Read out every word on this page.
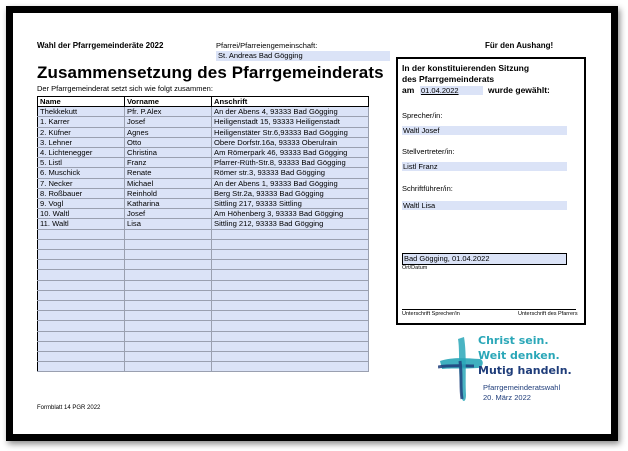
Wahl der Pfarrgemeinderäte 2022	Pfarrei/Pfarreiengemeinschaft:
St. Andreas Bad Gögging
Für den Aushang!
Zusammensetzung des Pfarrgemeinderats
Der Pfarrgemeinderat setzt sich wie folgt zusammen:
Name	Vorname	Anschrift
Thekkekutt	Pfr. P.Alex	An der Abens 4, 93333 Bad Gögging
1. Karrer	Josef	Heiligenstadt 15, 93333 Heiligenstadt
2. Küfner	Agnes	Heiligenstäter Str.6,93333 Bad Gögging
3. Lehner	Otto	Obere Dorfstr.16a, 93333 Oberulrain
4. Lichtenegger	Christina	Am Römerpark 46, 93333 Bad Gögging
5. Listl	Franz	Pfarrer-Rüth-Str.8, 93333 Bad Gögging
6. Muschick	Renate	Römer str.3, 93333 Bad Gögging
7. Necker	Michael	An der Abens 1, 93333 Bad Gögging
8. Roßbauer	Reinhold	Berg Str.2a, 93333 Bad Gögging
9. Vogl	Katharina	Sittling 217, 93333 Sittling
10. Waltl	Josef	Am Höhenberg 3, 93333 Bad Gögging
11. Waltl	Lisa	Sittling 212, 93333 Bad Gögging

In der konstituierenden Sitzung
des Pfarrgemeinderats
am 01.04.2022	wurde gewählt:
Sprecher/in:
Waltl Josef
Stellvertreter/in:
Listl Franz
Schriftführer/in:
Waltl Lisa
Bad Gögging, 01.04.2022
Ort/Datum
Unterschrift Sprecher/in	Unterschrift des Pfarrers
Christ sein.
Weit denken.
Mutig handeln.
Pfarrgemeinderatswahl
20. März 2022
Formblatt 14 PGR 2022
